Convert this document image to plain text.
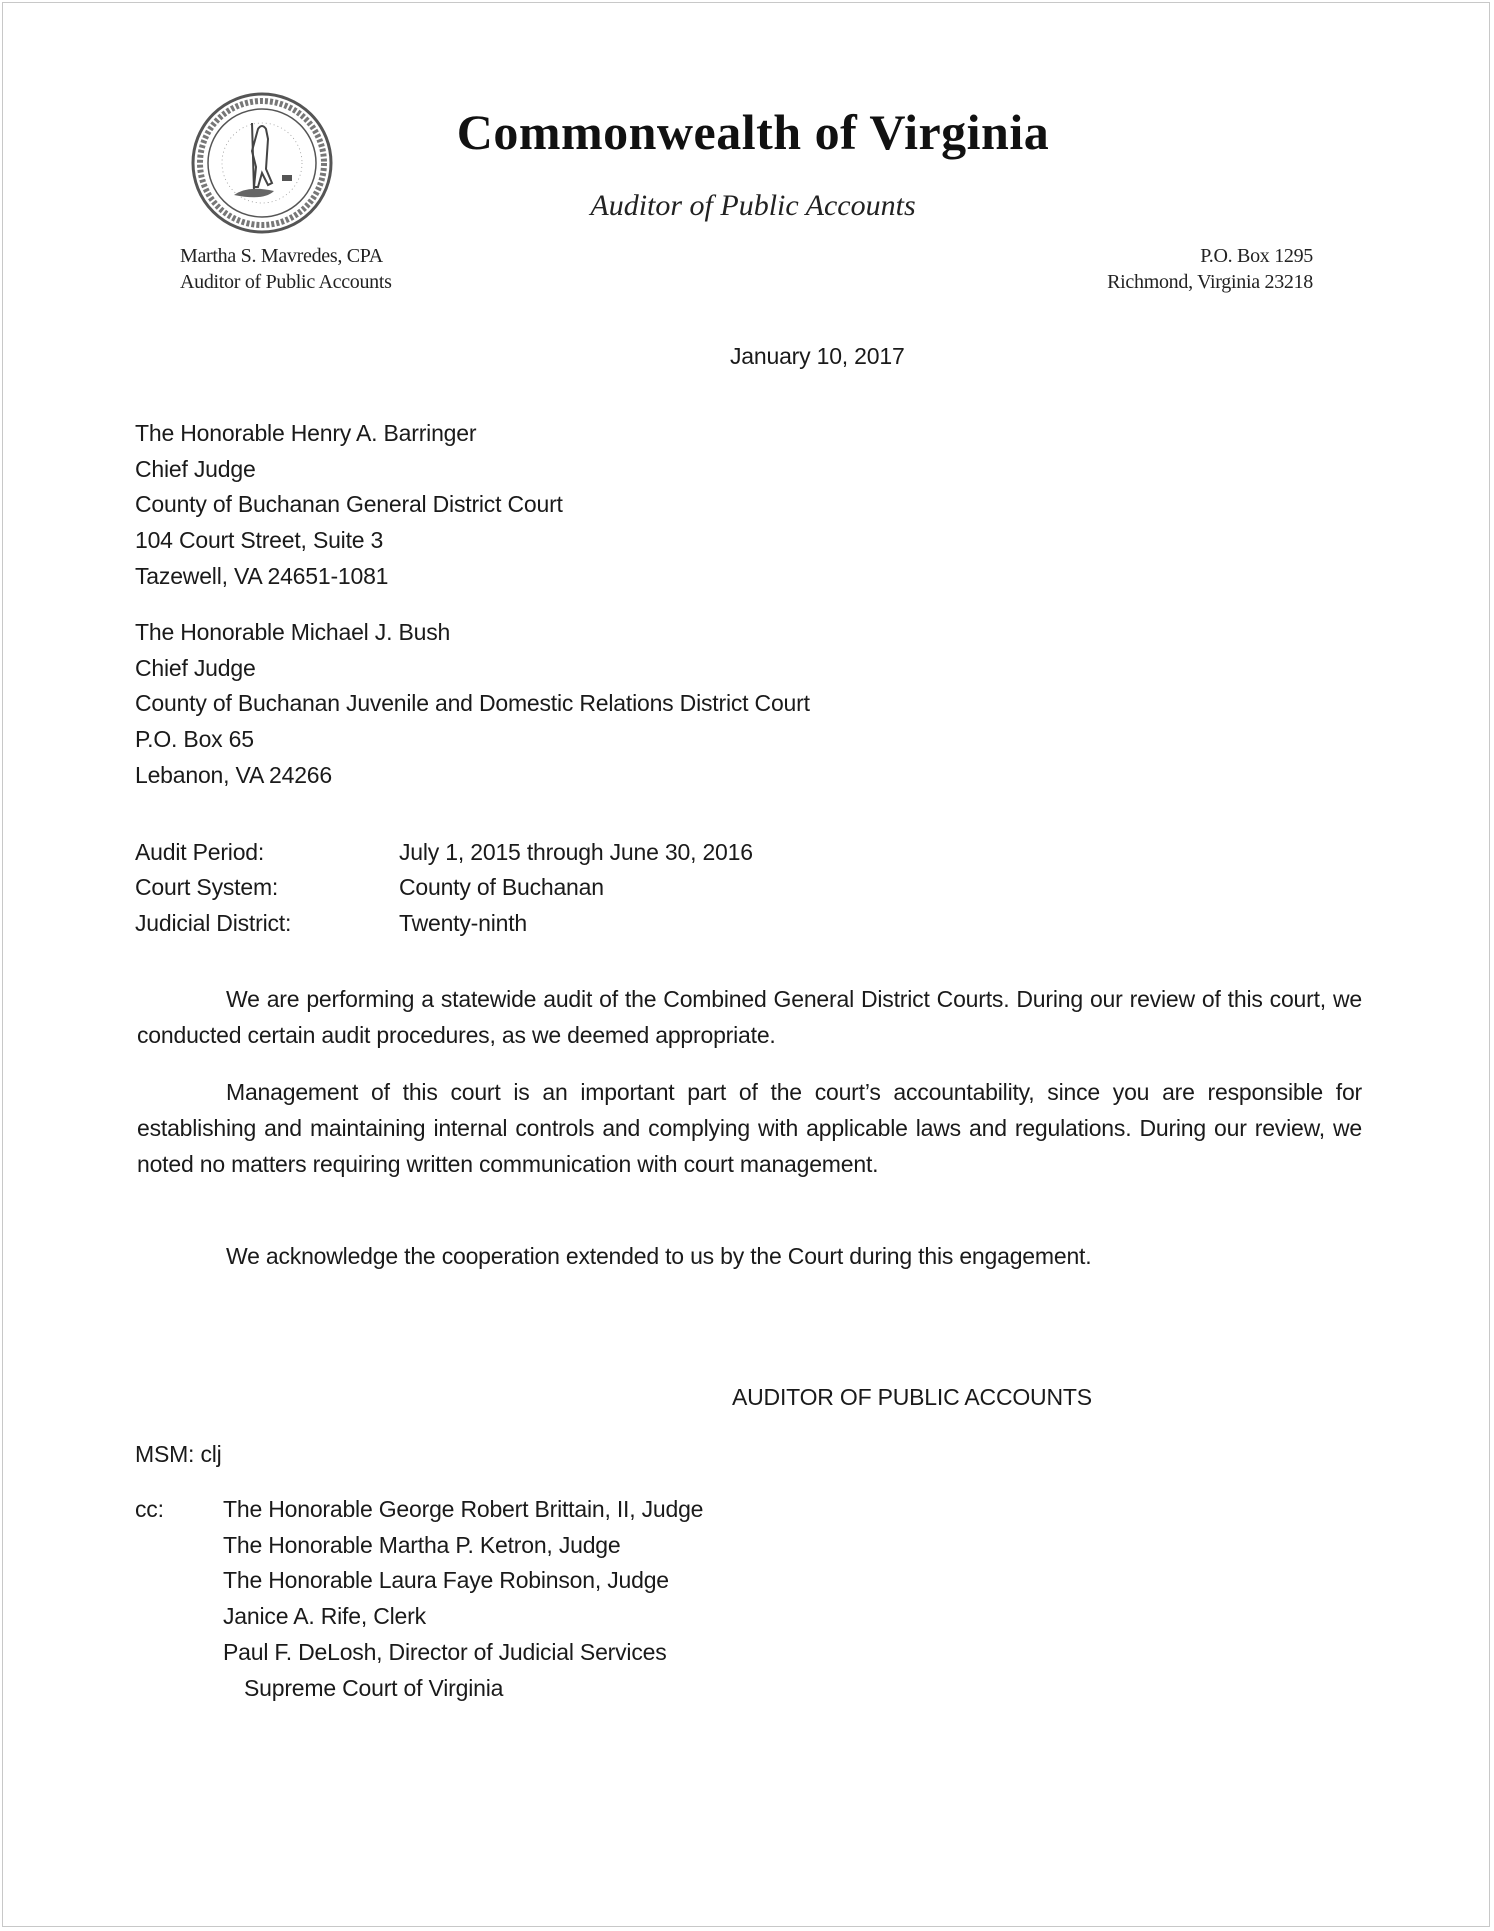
Commonwealth of Virginia
Auditor of Public Accounts
Martha S. Mavredes, CPA
Auditor of Public Accounts
P.O. Box 1295
Richmond, Virginia 23218
January 10, 2017
The Honorable Henry A. Barringer
Chief Judge
County of Buchanan General District Court
104 Court Street, Suite 3
Tazewell, VA 24651-1081
The Honorable Michael J. Bush
Chief Judge
County of Buchanan Juvenile and Domestic Relations District Court
P.O. Box 65
Lebanon, VA 24266
Audit Period:	July 1, 2015 through June 30, 2016
Court System:	County of Buchanan
Judicial District:	Twenty-ninth
We are performing a statewide audit of the Combined General District Courts. During our review of this court, we conducted certain audit procedures, as we deemed appropriate.
Management of this court is an important part of the court’s accountability, since you are responsible for establishing and maintaining internal controls and complying with applicable laws and regulations. During our review, we noted no matters requiring written communication with court management.
We acknowledge the cooperation extended to us by the Court during this engagement.
AUDITOR OF PUBLIC ACCOUNTS
MSM: clj
cc:	The Honorable George Robert Brittain, II, Judge
The Honorable Martha P. Ketron, Judge
The Honorable Laura Faye Robinson, Judge
Janice A. Rife, Clerk
Paul F. DeLosh, Director of Judicial Services
Supreme Court of Virginia
